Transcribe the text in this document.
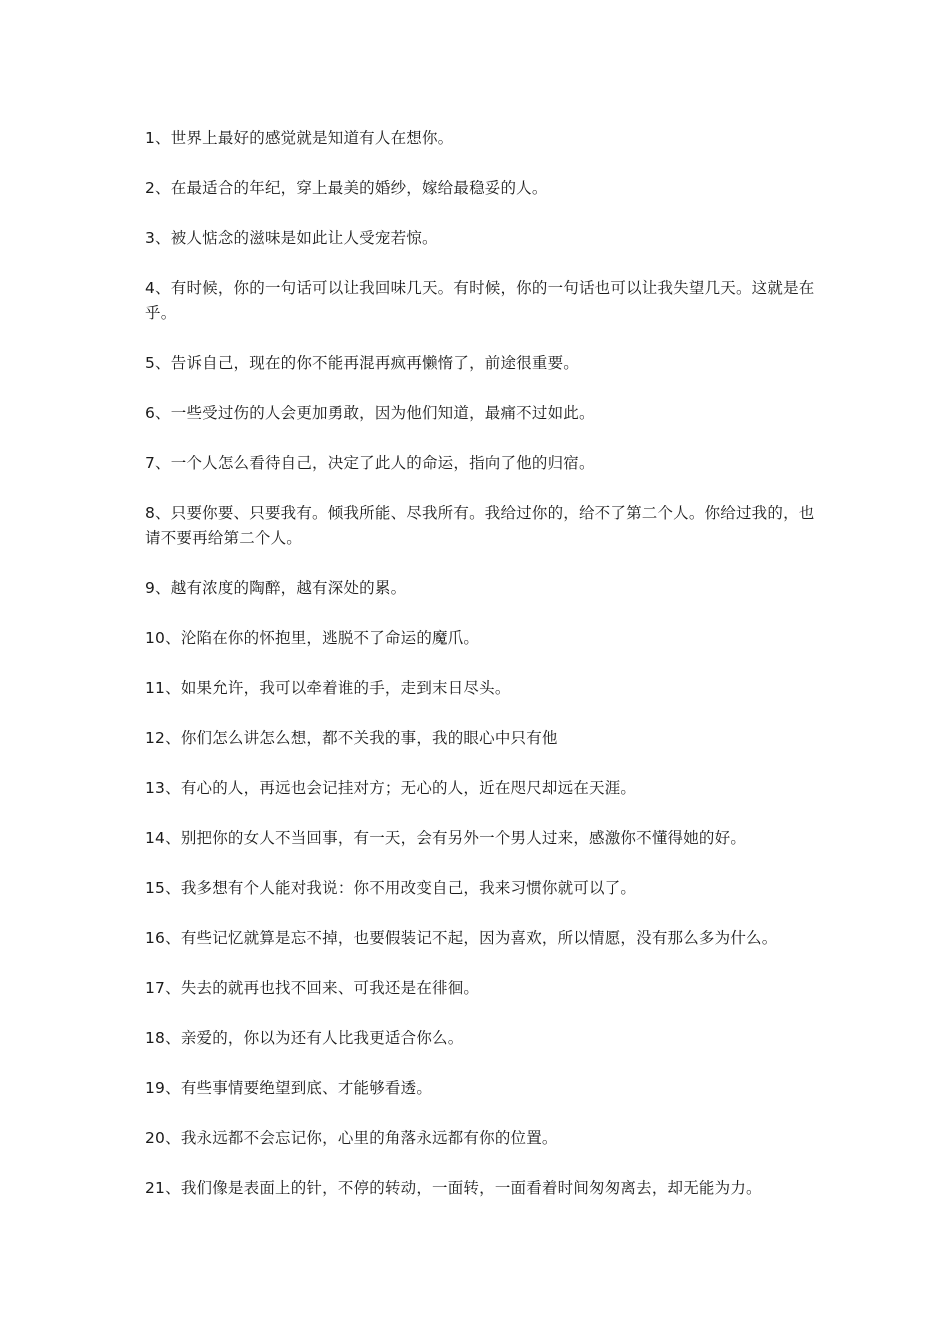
1、世界上最好的感觉就是知道有人在想你。

2、在最适合的年纪，穿上最美的婚纱，嫁给最稳妥的人。

3、被人惦念的滋味是如此让人受宠若惊。

4、有时候，你的一句话可以让我回味几天。有时候，你的一句话也可以让我失望几天。这就是在乎。

5、告诉自己，现在的你不能再混再疯再懒惰了，前途很重要。

6、一些受过伤的人会更加勇敢，因为他们知道，最痛不过如此。

7、一个人怎么看待自己，决定了此人的命运，指向了他的归宿。

8、只要你要、只要我有。倾我所能、尽我所有。我给过你的，给不了第二个人。你给过我的，也请不要再给第二个人。

9、越有浓度的陶醉，越有深处的累。

10、沦陷在你的怀抱里，逃脱不了命运的魔爪。

11、如果允许，我可以牵着谁的手，走到末日尽头。

12、你们怎么讲怎么想，都不关我的事，我的眼心中只有他

13、有心的人，再远也会记挂对方；无心的人，近在咫尺却远在天涯。

14、别把你的女人不当回事，有一天，会有另外一个男人过来，感激你不懂得她的好。

15、我多想有个人能对我说：你不用改变自己，我来习惯你就可以了。

16、有些记忆就算是忘不掉，也要假装记不起，因为喜欢，所以情愿，没有那么多为什么。

17、失去的就再也找不回来、可我还是在徘徊。

18、亲爱的，你以为还有人比我更适合你么。

19、有些事情要绝望到底、才能够看透。

20、我永远都不会忘记你，心里的角落永远都有你的位置。

21、我们像是表面上的针，不停的转动，一面转，一面看着时间匆匆离去，却无能为力。
